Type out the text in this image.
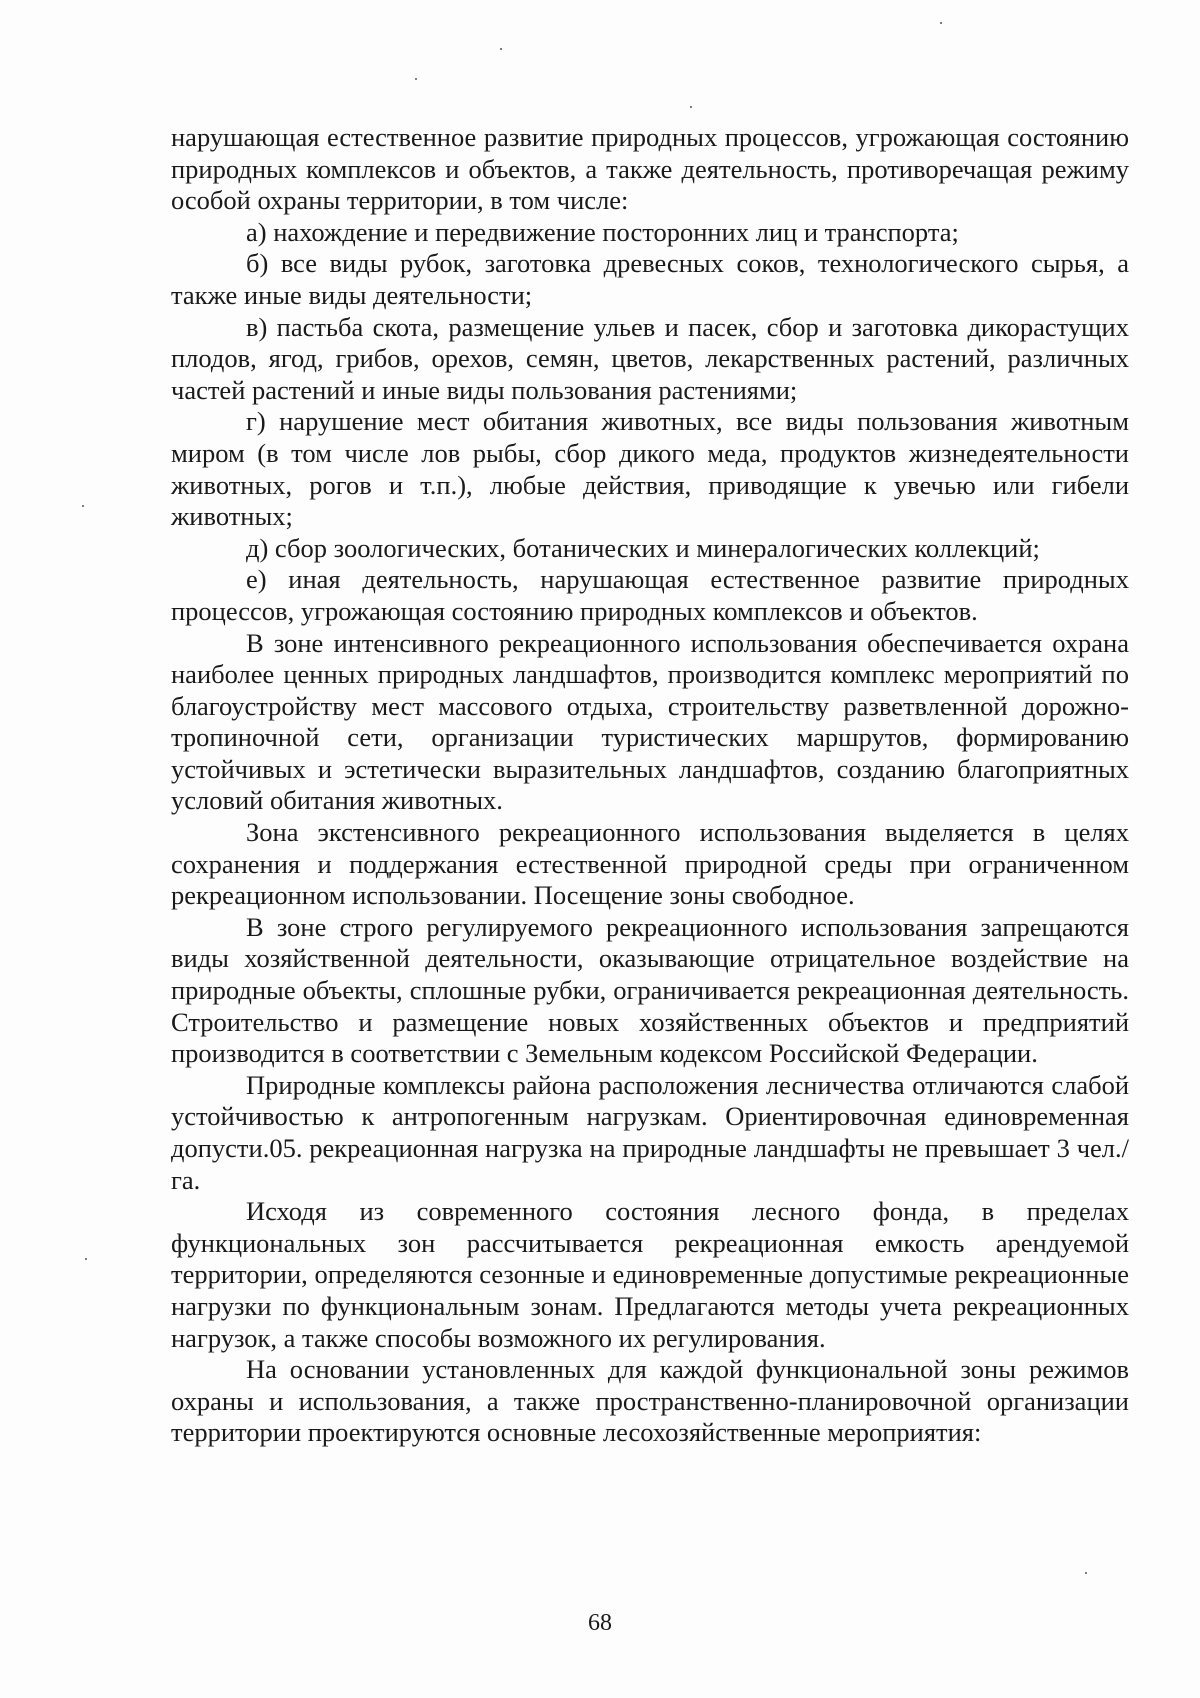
нарушающая естественное развитие природных процессов, угрожающая состоянию природных комплексов и объектов, а также деятельность, противоречащая режиму особой охраны территории, в том числе:

а) нахождение и передвижение посторонних лиц и транспорта;

б) все виды рубок, заготовка древесных соков, технологического сырья, а также иные виды деятельности;

в) пастьба скота, размещение ульев и пасек, сбор и заготовка дикорастущих плодов, ягод, грибов, орехов, семян, цветов, лекарственных растений, различных частей растений и иные виды пользования растениями;

г) нарушение мест обитания животных, все виды пользования животным миром (в том числе лов рыбы, сбор дикого меда, продуктов жизнедеятельности животных, рогов и т.п.), любые действия, приводящие к увечью или гибели животных;

д) сбор зоологических, ботанических и минералогических коллекций;

е) иная деятельность, нарушающая естественное развитие природных процессов, угрожающая состоянию природных комплексов и объектов.

В зоне интенсивного рекреационного использования обеспечивается охрана наиболее ценных природных ландшафтов, производится комплекс мероприятий по благоустройству мест массового отдыха, строительству разветвленной дорожно-тропиночной сети, организации туристических маршрутов, формированию устойчивых и эстетически выразительных ландшафтов, созданию благоприятных условий обитания животных.

Зона экстенсивного рекреационного использования выделяется в целях сохранения и поддержания естественной природной среды при ограниченном рекреационном использовании. Посещение зоны свободное.

В зоне строго регулируемого рекреационного использования запрещаются виды хозяйственной деятельности, оказывающие отрицательное воздействие на природные объекты, сплошные рубки, ограничивается рекреационная деятельность. Строительство и размещение новых хозяйственных объектов и предприятий производится в соответствии с Земельным кодексом Российской Федерации.

Природные комплексы района расположения лесничества отличаются слабой устойчивостью к антропогенным нагрузкам. Ориентировочная единовременная допусти.05. рекреационная нагрузка на природные ландшафты не превышает 3 чел./га.

Исходя из современного состояния лесного фонда, в пределах функциональных зон рассчитывается рекреационная емкость арендуемой территории, определяются сезонные и единовременные допустимые рекреационные нагрузки по функциональным зонам. Предлагаются методы учета рекреационных нагрузок, а также способы возможного их регулирования.

На основании установленных для каждой функциональной зоны режимов охраны и использования, а также пространственно-планировочной организации территории проектируются основные лесохозяйственные мероприятия:

68
